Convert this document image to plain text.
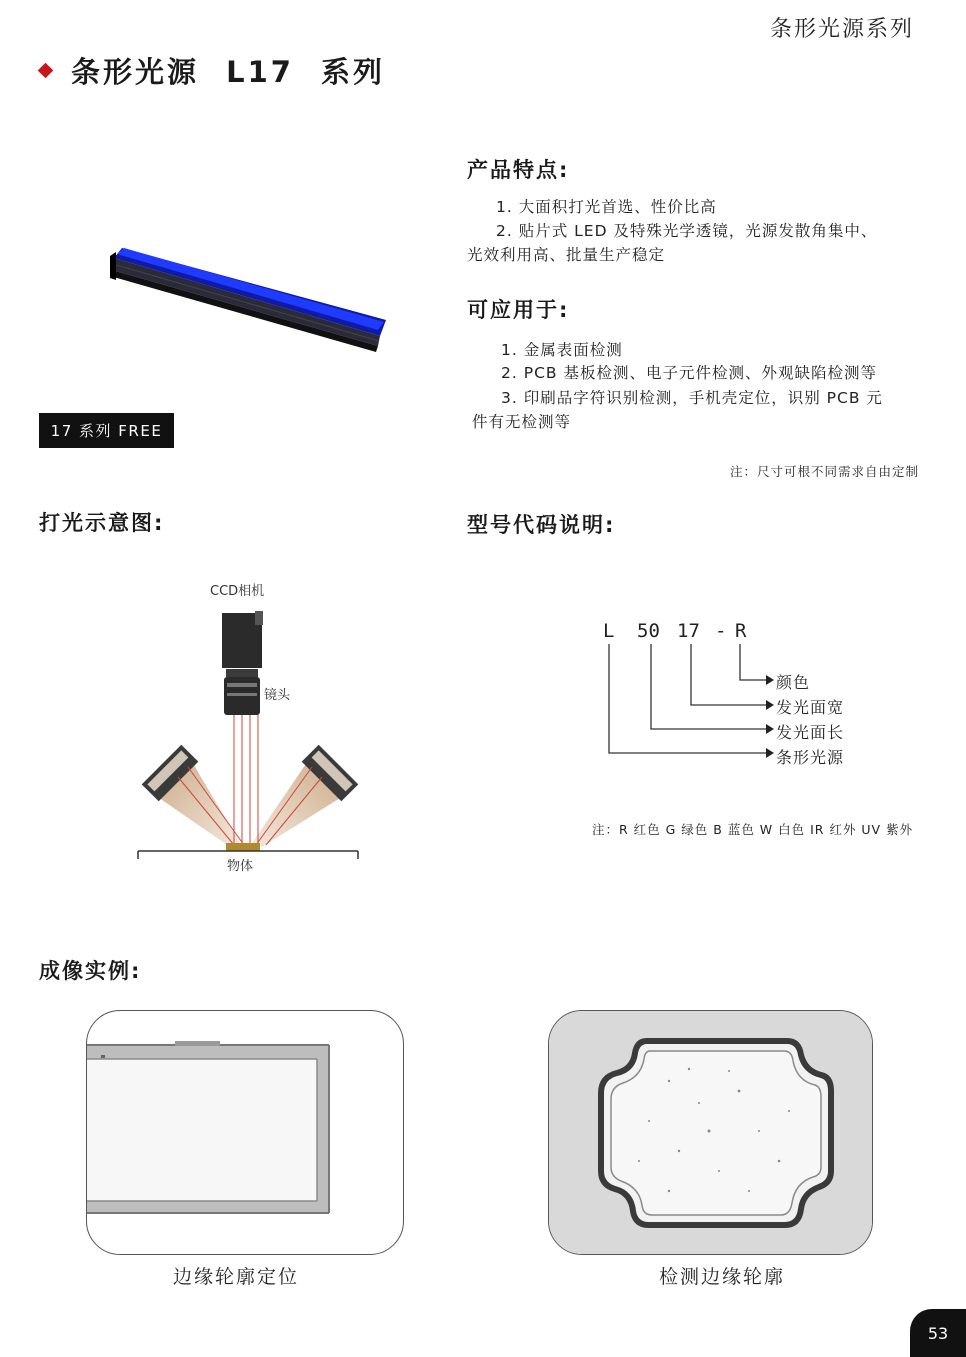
条形光源系列
条形光源 L17 系列
17 系列 FREE
产品特点:
1. 大面积打光首选、性价比高
2. 贴片式 LED 及特殊光学透镜，光源发散角集中、
光效利用高、批量生产稳定
可应用于:
1. 金属表面检测
2. PCB 基板检测、电子元件检测、外观缺陷检测等
3. 印刷品字符识别检测，手机壳定位，识别 PCB 元
件有无检测等
注：尺寸可根不同需求自由定制
打光示意图:
CCD相机
镜头
物体
型号代码说明:
L 50 17 - R
颜色
发光面宽
发光面长
条形光源
注：R 红色 G 绿色 B 蓝色 W 白色 IR 红外 UV 紫外
成像实例:
边缘轮廓定位	检测边缘轮廓
53
